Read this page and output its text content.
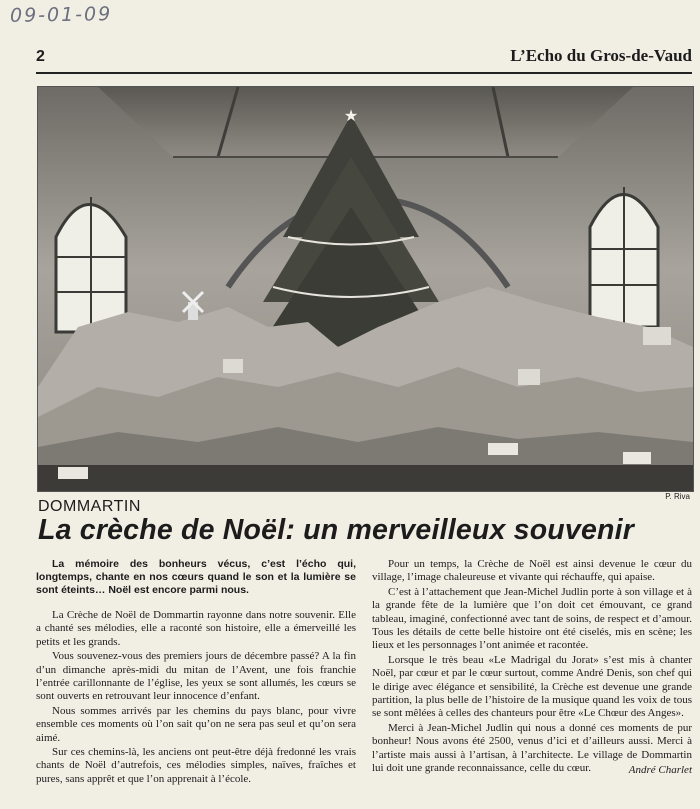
09-01-09
2	L’Echo du Gros-de-Vaud
★
P. Riva
DOMMARTIN
La crèche de Noël: un merveilleux souvenir

La mémoire des bonheurs vécus, c’est l’écho qui, longtemps, chante en nos cœurs quand le son et la lumière se sont éteints… Noël est encore parmi nous.

La Crèche de Noël de Dommartin rayonne dans notre souvenir. Elle a chanté ses mélodies, elle a raconté son histoire, elle a émerveillé les petits et les grands.

Vous souvenez-vous des premiers jours de décembre passé? A la fin d’un dimanche après-midi du mitan de l’Avent, une fois franchie l’entrée carillonnante de l’église, les yeux se sont allumés, les cœurs se sont ouverts en retrouvant leur innocence d’enfant.

Nous sommes arrivés par les chemins du pays blanc, pour vivre ensemble ces moments où l’on sait qu’on ne sera pas seul et qu’on sera aimé.

Sur ces chemins-là, les anciens ont peut-être déjà fredonné les vrais chants de Noël d’autrefois, ces mélodies simples, naïves, fraîches et pures, sans apprêt et que l’on apprenait à l’école.

Pour un temps, la Crèche de Noël est ainsi devenue le cœur du village, l’image chaleureuse et vivante qui réchauffe, qui apaise.

C’est à l’attachement que Jean-Michel Judlin porte à son village et à la grande fête de la lumière que l’on doit cet émouvant, ce grand tableau, imaginé, confectionné avec tant de soins, de respect et d’amour. Tous les détails de cette belle histoire ont été ciselés, mis en scène; les lieux et les personnages l’ont animée et racontée.

Lorsque le très beau «Le Madrigal du Jorat» s’est mis à chanter Noël, par cœur et par le cœur surtout, comme André Denis, son chef qui le dirige avec élégance et sensibilité, la Crèche est devenue une grande partition, la plus belle de l’histoire de la musique quand les voix de tous se sont mêlées à celles des chanteurs pour être «Le Chœur des Anges».

Merci à Jean-Michel Judlin qui nous a donné ces moments de pur bonheur! Nous avons été 2500, venus d’ici et d’ailleurs aussi. Merci à l’artiste mais aussi à l’artisan, à l’architecte. Le village de Dommartin lui doit une grande reconnaissance, celle du cœur.	André Charlet
